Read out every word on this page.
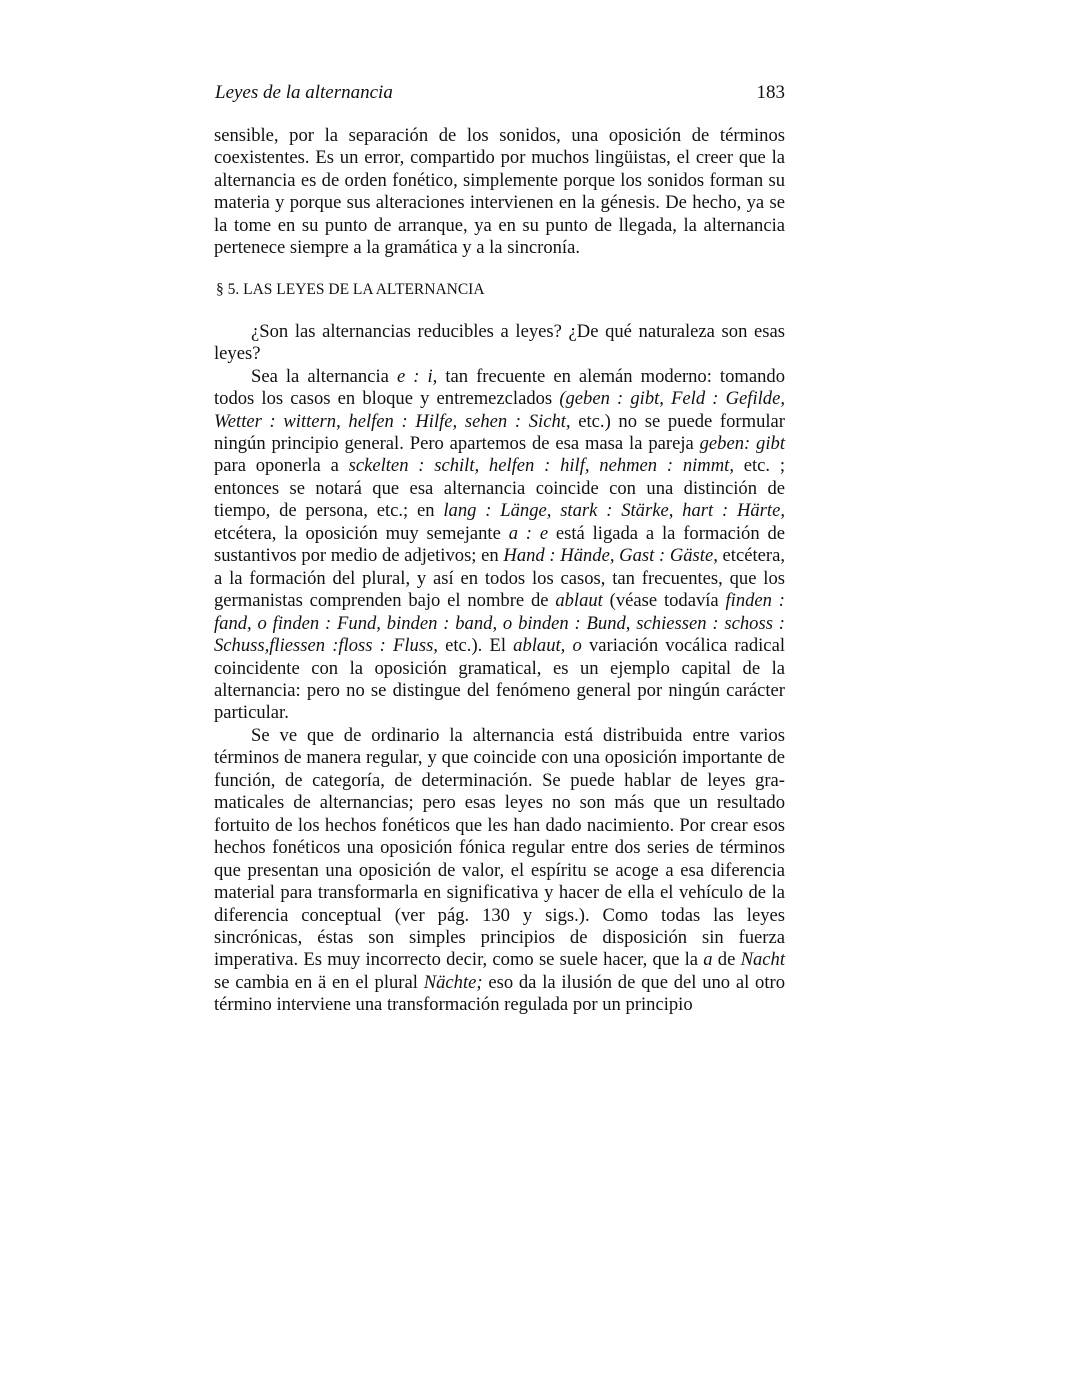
Leyes de la alternancia	183

sensible, por la separación de los sonidos, una oposición de términos coexistentes. Es un error, compartido por muchos lingüistas, el creer que la alternancia es de orden fonético, simplemente porque los sonidos forman su materia y porque sus alteraciones intervienen en la génesis. De hecho, ya se la tome en su punto de arranque, ya en su punto de llegada, la alternancia pertenece siempre a la gramática y a la sincronía.

§ 5. LAS LEYES DE LA ALTERNANCIA

¿Son las alternancias reducibles a leyes? ¿De qué naturaleza son esas leyes?

Sea la alternancia e : i, tan frecuente en alemán moderno: tomando todos los casos en bloque y entremezclados (geben : gibt, Feld : Gefilde, Wetter : wittern, helfen : Hilfe, sehen : Sicht, etc.) no se puede formular ningún principio general. Pero apartemos de esa masa la pareja geben: gibt para oponerla a sckelten : schilt, helfen : hilf, nehmen : nimmt, etc. ; entonces se notará que esa alternancia coincide con una distinción de tiempo, de persona, etc.; en lang : Länge, stark : Stärke, hart : Härte, etcétera, la oposición muy semejante a : e está ligada a la formación de sustantivos por medio de adjetivos; en Hand : Hände, Gast : Gäste, etcétera, a la formación del plural, y así en todos los casos, tan frecuentes, que los germanistas comprenden bajo el nombre de ablaut (véase todavía finden : fand, o finden : Fund, binden : band, o binden : Bund, schiessen : schoss : Schuss,fliessen :floss : Fluss, etc.). El ablaut, o variación vocálica radical coincidente con la oposición gramatical, es un ejemplo capital de la alternancia: pero no se distingue del fenómeno general por ningún carácter particular.

Se ve que de ordinario la alternancia está distribuida entre varios términos de manera regular, y que coincide con una oposición importante de función, de categoría, de determinación. Se puede hablar de leyes gramaticales de alternancias; pero esas leyes no son más que un resultado fortuito de los hechos fonéticos que les han dado nacimiento. Por crear esos hechos fonéticos una oposición fónica regular entre dos series de términos que presentan una oposición de valor, el espíritu se acoge a esa diferencia material para transformarla en significativa y hacer de ella el vehículo de la diferencia conceptual (ver pág. 130 y sigs.). Como todas las leyes sincrónicas, éstas son simples principios de disposición sin fuerza imperativa. Es muy incorrecto decir, como se suele hacer, que la a de Nacht se cambia en ä en el plural Nächte; eso da la ilusión de que del uno al otro término interviene una transformación regulada por un principio
